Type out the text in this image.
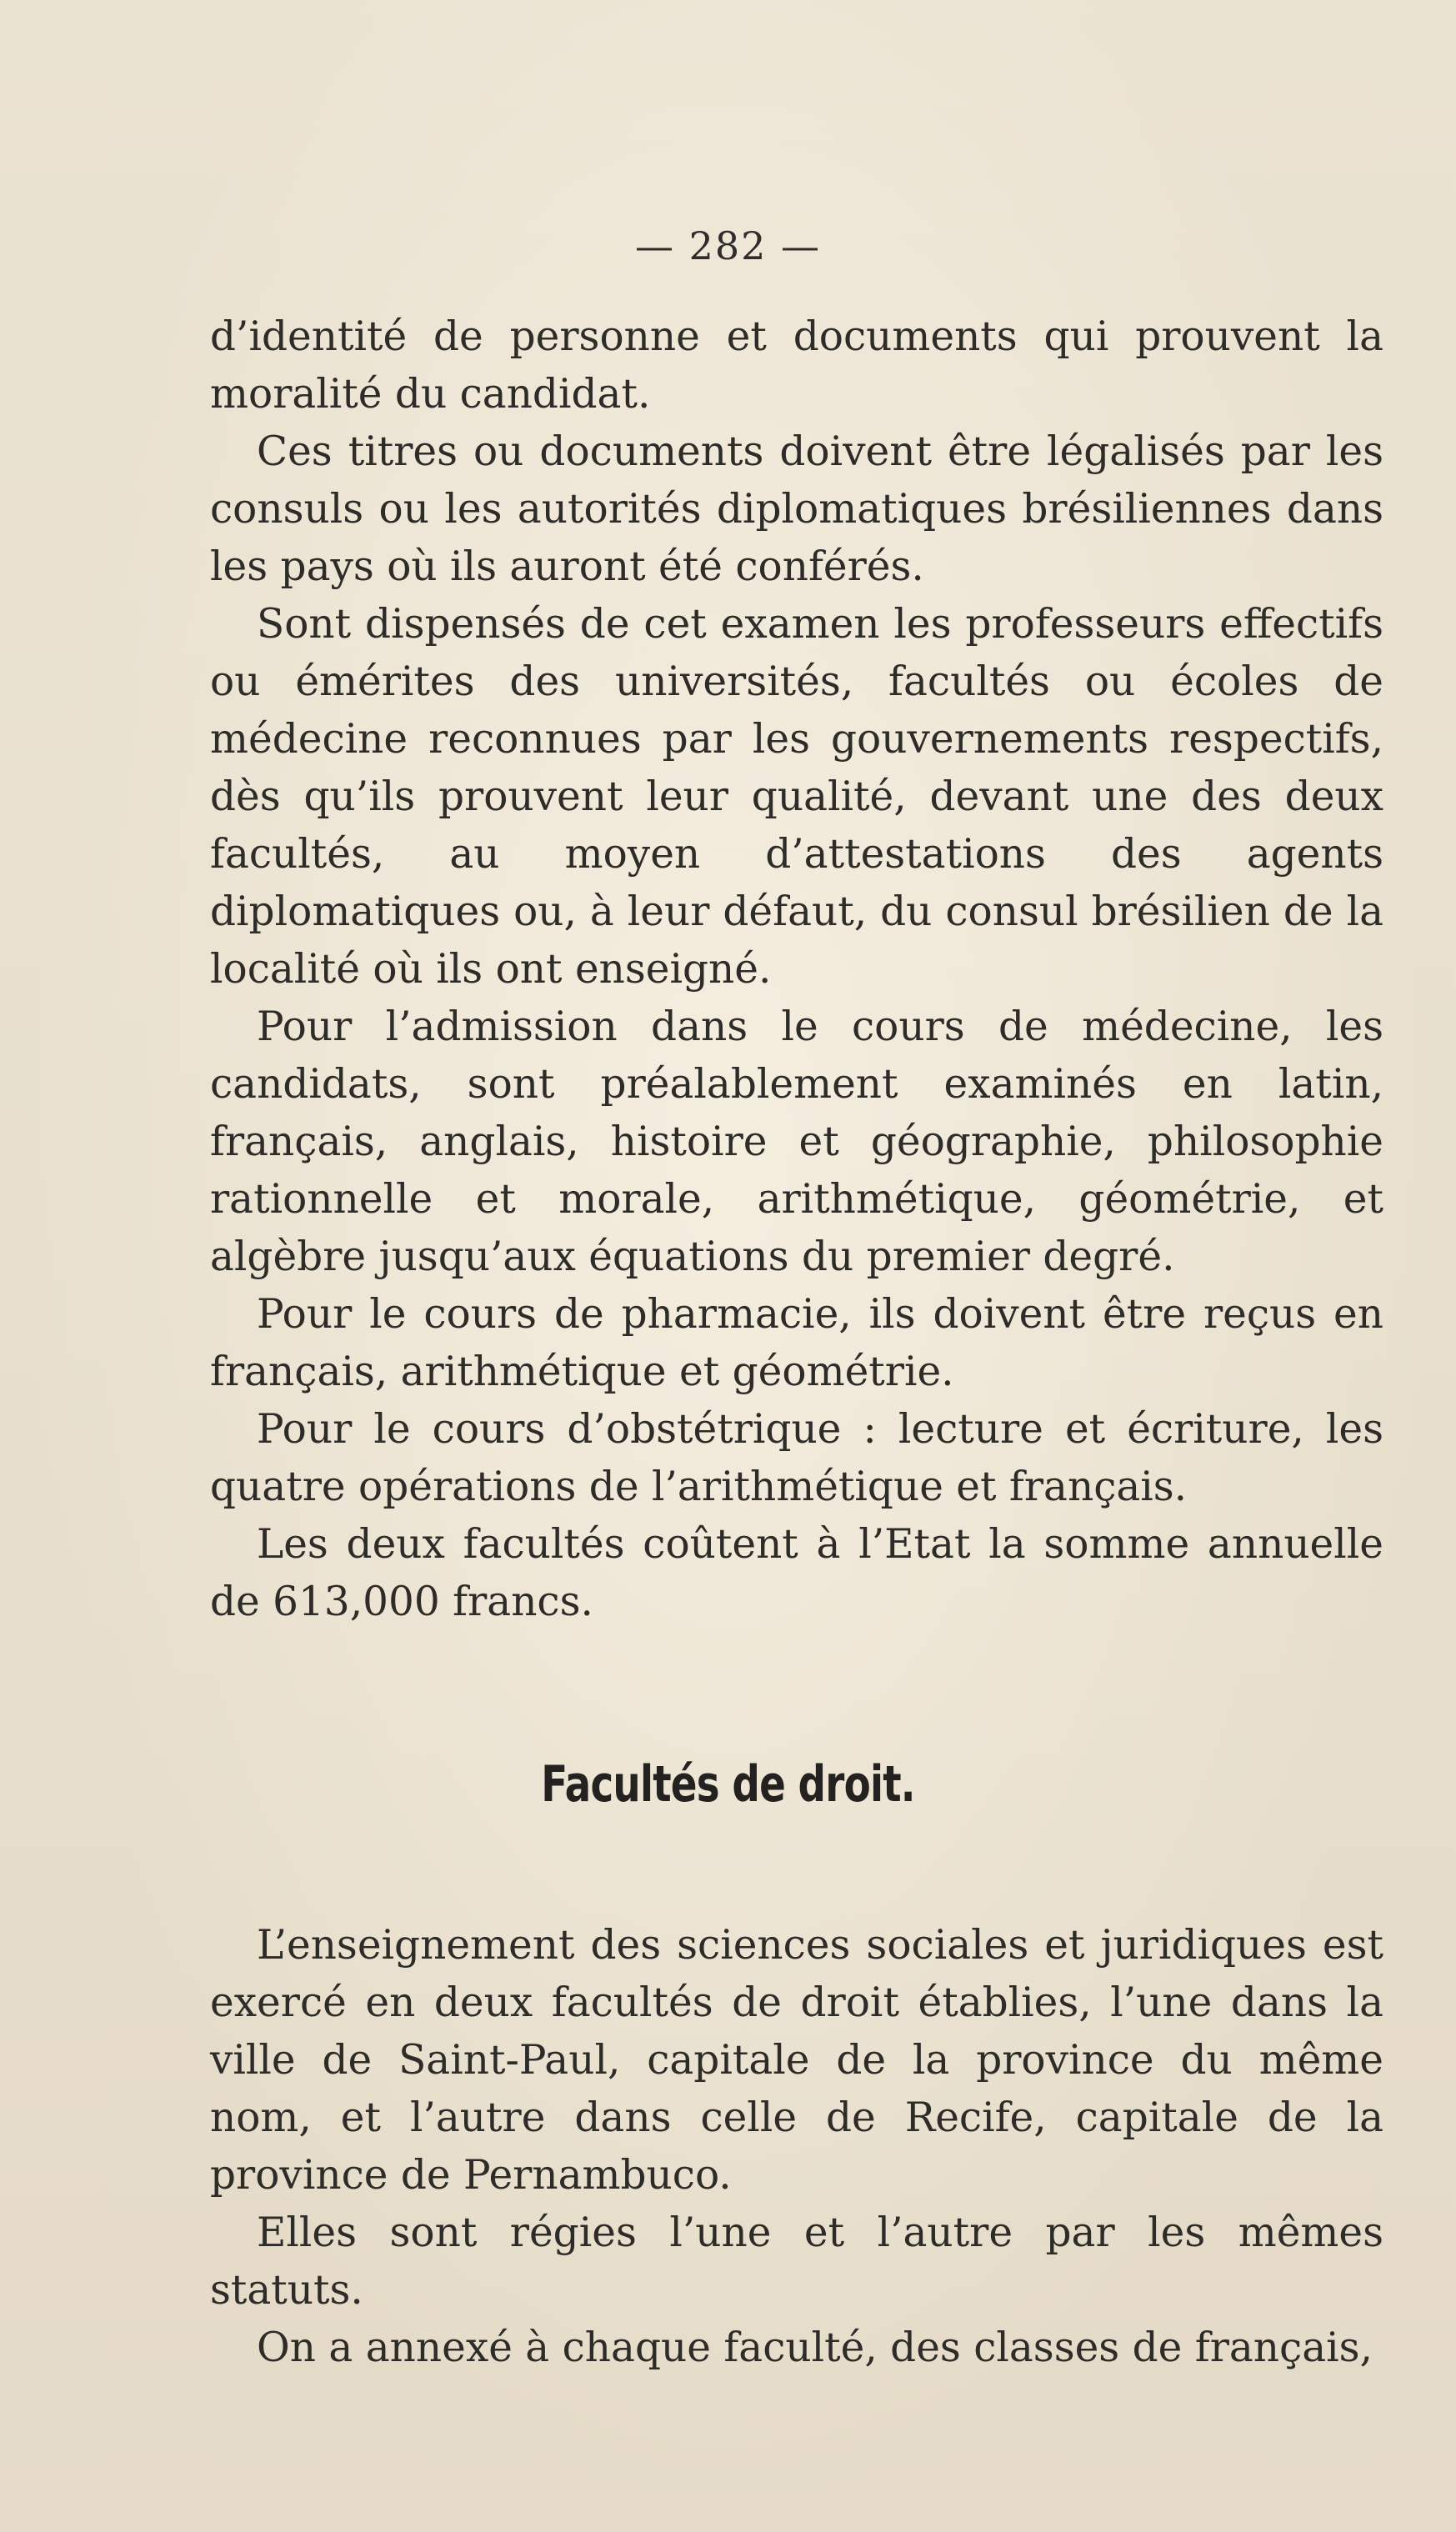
— 282 —

d’identité de personne et documents qui prouvent la moralité du candidat.

Ces titres ou documents doivent être légalisés par les consuls ou les autorités diplomatiques brésiliennes dans les pays où ils auront été conférés.

Sont dispensés de cet examen les professeurs effectifs ou émérites des universités, facultés ou écoles de médecine reconnues par les gouvernements respectifs, dès qu’ils prouvent leur qualité, devant une des deux facultés, au moyen d’attestations des agents diplomatiques ou, à leur défaut, du consul brésilien de la localité où ils ont enseigné.

Pour l’admission dans le cours de médecine, les candidats, sont préalablement examinés en latin, français, anglais, histoire et géographie, philosophie rationnelle et morale, arithmétique, géométrie, et algèbre jusqu’aux équations du premier degré.

Pour le cours de pharmacie, ils doivent être reçus en français, arithmétique et géométrie.

Pour le cours d’obstétrique : lecture et écriture, les quatre opérations de l’arithmétique et français.

Les deux facultés coûtent à l’Etat la somme annuelle de 613,000 francs.

Facultés de droit.

L’enseignement des sciences sociales et juridiques est exercé en deux facultés de droit établies, l’une dans la ville de Saint-Paul, capitale de la province du même nom, et l’autre dans celle de Recife, capitale de la province de Pernambuco.

Elles sont régies l’une et l’autre par les mêmes statuts.

On a annexé à chaque faculté, des classes de français,
